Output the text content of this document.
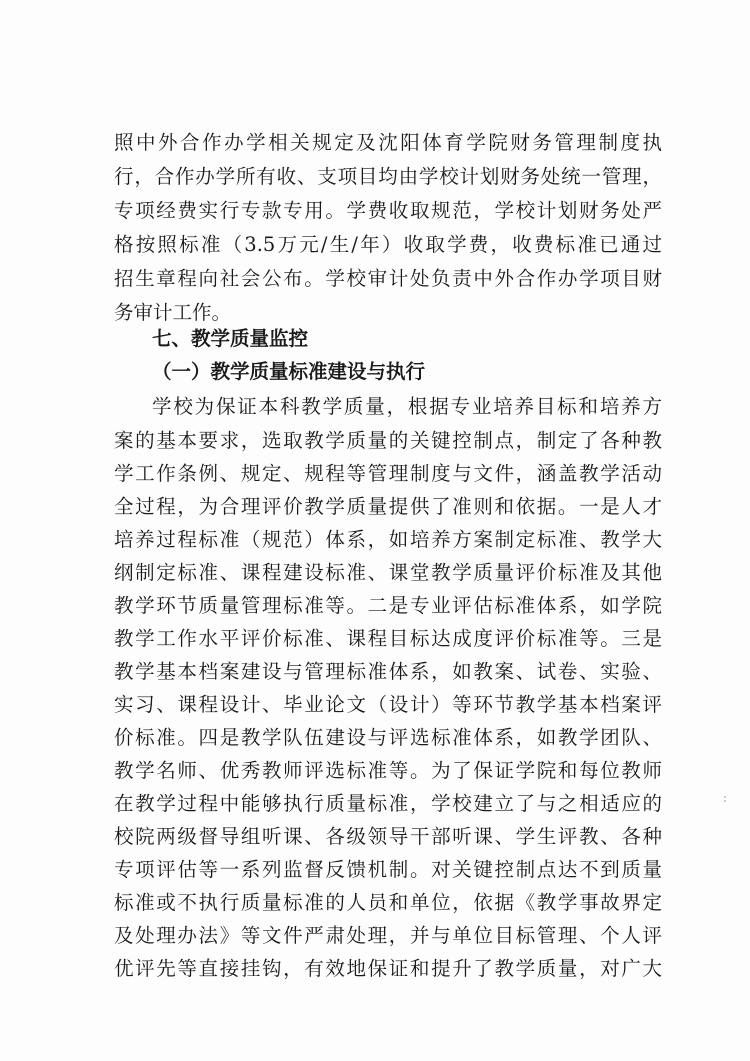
照中外合作办学相关规定及沈阳体育学院财务管理制度执
行，合作办学所有收、支项目均由学校计划财务处统一管理，
专项经费实行专款专用。学费收取规范，学校计划财务处严
格按照标准（3.5万元/生/年）收取学费，收费标准已通过
招生章程向社会公布。学校审计处负责中外合作办学项目财
务审计工作。
七、教学质量监控
（一）教学质量标准建设与执行
学校为保证本科教学质量，根据专业培养目标和培养方
案的基本要求，选取教学质量的关键控制点，制定了各种教
学工作条例、规定、规程等管理制度与文件，涵盖教学活动
全过程，为合理评价教学质量提供了准则和依据。一是人才
培养过程标准（规范）体系，如培养方案制定标准、教学大
纲制定标准、课程建设标准、课堂教学质量评价标准及其他
教学环节质量管理标准等。二是专业评估标准体系，如学院
教学工作水平评价标准、课程目标达成度评价标准等。三是
教学基本档案建设与管理标准体系，如教案、试卷、实验、
实习、课程设计、毕业论文（设计）等环节教学基本档案评
价标准。四是教学队伍建设与评选标准体系，如教学团队、
教学名师、优秀教师评选标准等。为了保证学院和每位教师
在教学过程中能够执行质量标准，学校建立了与之相适应的
校院两级督导组听课、各级领导干部听课、学生评教、各种
专项评估等一系列监督反馈机制。对关键控制点达不到质量
标准或不执行质量标准的人员和单位，依据《教学事故界定
及处理办法》等文件严肃处理，并与单位目标管理、个人评
优评先等直接挂钩，有效地保证和提升了教学质量，对广大
